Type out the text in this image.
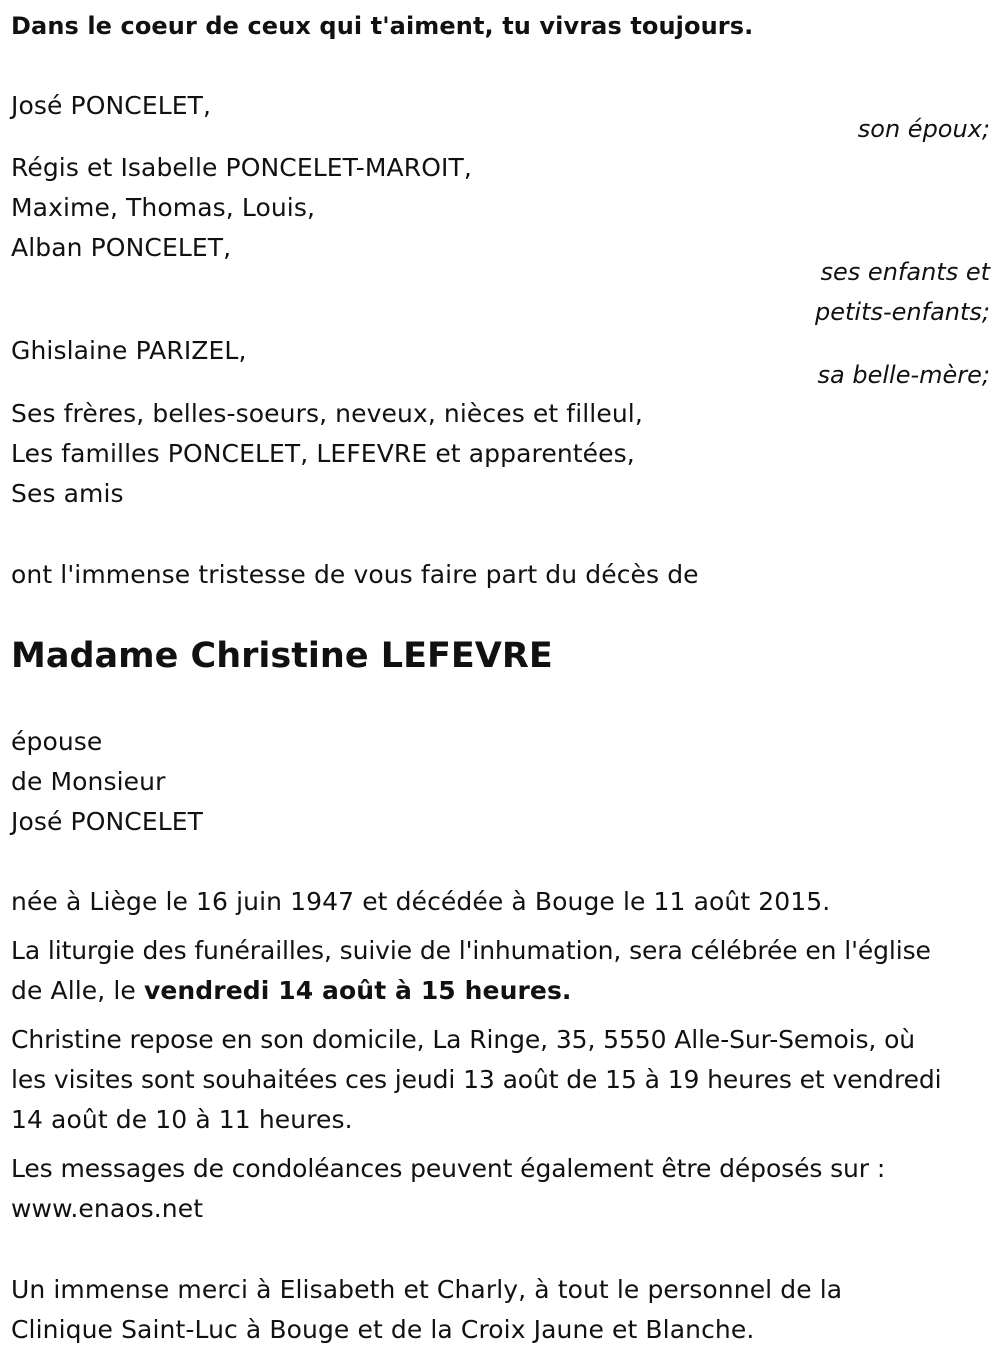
Dans le coeur de ceux qui t'aiment, tu vivras toujours.
José PONCELET,
son époux;
Régis et Isabelle PONCELET-MAROIT,
Maxime, Thomas, Louis,
Alban PONCELET,
ses enfants et
petits-enfants;
Ghislaine PARIZEL,
sa belle-mère;
Ses frères, belles-soeurs, neveux, nièces et filleul,
Les familles PONCELET, LEFEVRE et apparentées,
Ses amis
ont l'immense tristesse de vous faire part du décès de
Madame Christine LEFEVRE
épouse
de Monsieur
José PONCELET
née à Liège le 16 juin 1947 et décédée à Bouge le 11 août 2015.
La liturgie des funérailles, suivie de l'inhumation, sera célébrée en l'église
de Alle, le vendredi 14 août à 15 heures.
Christine repose en son domicile, La Ringe, 35, 5550 Alle-Sur-Semois, où
les visites sont souhaitées ces jeudi 13 août de 15 à 19 heures et vendredi
14 août de 10 à 11 heures.
Les messages de condoléances peuvent également être déposés sur :
www.enaos.net
Un immense merci à Elisabeth et Charly, à tout le personnel de la
Clinique Saint-Luc à Bouge et de la Croix Jaune et Blanche.
